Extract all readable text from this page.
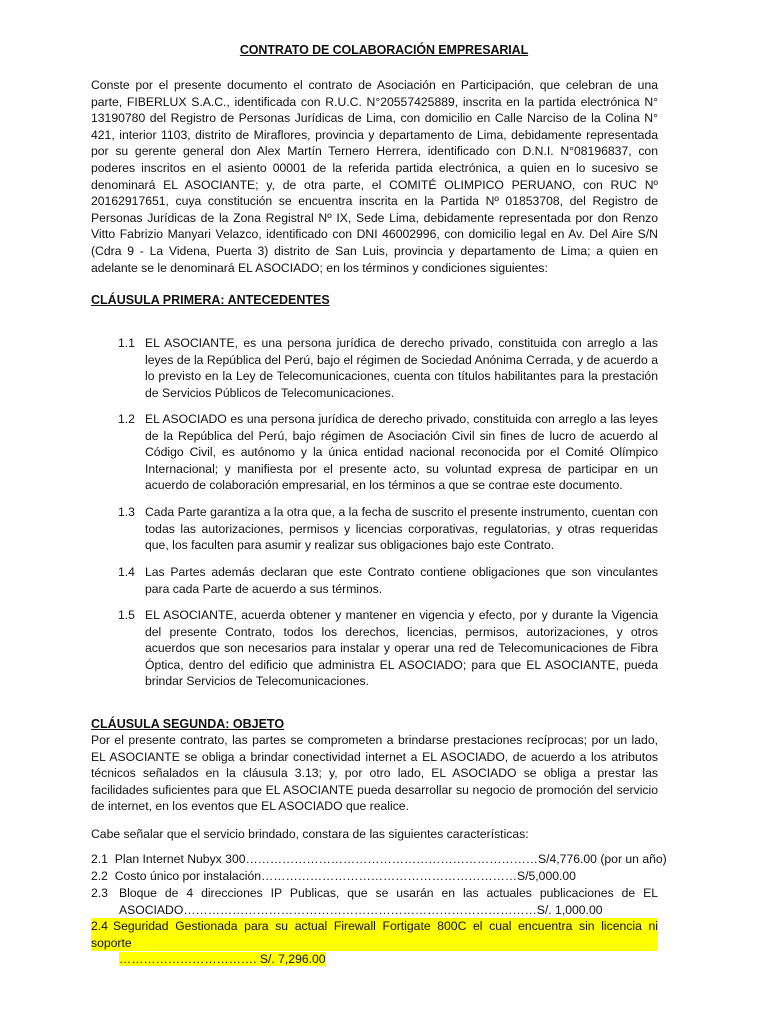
CONTRATO DE COLABORACIÓN EMPRESARIAL
Conste por el presente documento el contrato de Asociación en Participación, que celebran de una parte, FIBERLUX S.A.C., identificada con R.U.C. N°20557425889, inscrita en la partida electrónica N° 13190780 del Registro de Personas Jurídicas de Lima, con domicilio en Calle Narciso de la Colina N° 421, interior 1103, distrito de Miraflores, provincia y departamento de Lima, debidamente representada por su gerente general don Alex Martín Ternero Herrera, identificado con D.N.I. N°08196837, con poderes inscritos en el asiento 00001 de la referida partida electrónica, a quien en lo sucesivo se denominará EL ASOCIANTE; y, de otra parte, el COMITÉ OLIMPICO PERUANO, con RUC Nº 20162917651, cuya constitución se encuentra inscrita en la Partida Nº 01853708, del Registro de Personas Jurídicas de la Zona Registral Nº IX, Sede Lima, debidamente representada por don Renzo Vitto Fabrizio Manyari Velazco, identificado con DNI 46002996, con domicilio legal en Av. Del Aire S/N (Cdra 9 - La Videna, Puerta 3) distrito de San Luis, provincia y departamento de Lima; a quien en adelante se le denominará EL ASOCIADO; en los términos y condiciones siguientes:
CLÁUSULA PRIMERA: ANTECEDENTES
1.1 EL ASOCIANTE, es una persona jurídica de derecho privado, constituida con arreglo a las leyes de la República del Perú, bajo el régimen de Sociedad Anónima Cerrada, y de acuerdo a lo previsto en la Ley de Telecomunicaciones, cuenta con títulos habilitantes para la prestación de Servicios Públicos de Telecomunicaciones.
1.2 EL ASOCIADO es una persona jurídica de derecho privado, constituida con arreglo a las leyes de la República del Perú, bajo régimen de Asociación Civil sin fines de lucro de acuerdo al Código Civil, es autónomo y la única entidad nacional reconocida por el Comité Olímpico Internacional; y manifiesta por el presente acto, su voluntad expresa de participar en un acuerdo de colaboración empresarial, en los términos a que se contrae este documento.
1.3 Cada Parte garantiza a la otra que, a la fecha de suscrito el presente instrumento, cuentan con todas las autorizaciones, permisos y licencias corporativas, regulatorias, y otras requeridas que, los faculten para asumir y realizar sus obligaciones bajo este Contrato.
1.4 Las Partes además declaran que este Contrato contiene obligaciones que son vinculantes para cada Parte de acuerdo a sus términos.
1.5 EL ASOCIANTE, acuerda obtener y mantener en vigencia y efecto, por y durante la Vigencia del presente Contrato, todos los derechos, licencias, permisos, autorizaciones, y otros acuerdos que son necesarios para instalar y operar una red de Telecomunicaciones de Fibra Óptica, dentro del edificio que administra EL ASOCIADO; para que EL ASOCIANTE, pueda brindar Servicios de Telecomunicaciones.
CLÁUSULA SEGUNDA: OBJETO
Por el presente contrato, las partes se comprometen a brindarse prestaciones recíprocas; por un lado, EL ASOCIANTE se obliga a brindar conectividad internet a EL ASOCIADO, de acuerdo a los atributos técnicos señalados en la cláusula 3.13; y, por otro lado, EL ASOCIADO se obliga a prestar las facilidades suficientes para que EL ASOCIANTE pueda desarrollar su negocio de promoción del servicio de internet, en los eventos que EL ASOCIADO que realice.
Cabe señalar que el servicio brindado, constara de las siguientes características:
2.1 Plan Internet Nubyx 300………………………………………………………………S/4,776.00 (por un año)
2.2 Costo único por instalación………………………………………………………S/5,000.00
2.3 Bloque de 4 direcciones IP Publicas, que se usarán en las actuales publicaciones de EL
ASOCIADO……………………………………………………………………………S/. 1,000.00
2.4 Seguridad Gestionada para su actual Firewall Fortigate 800C el cual encuentra sin licencia ni soporte
……………………………. S/. 7,296.00
